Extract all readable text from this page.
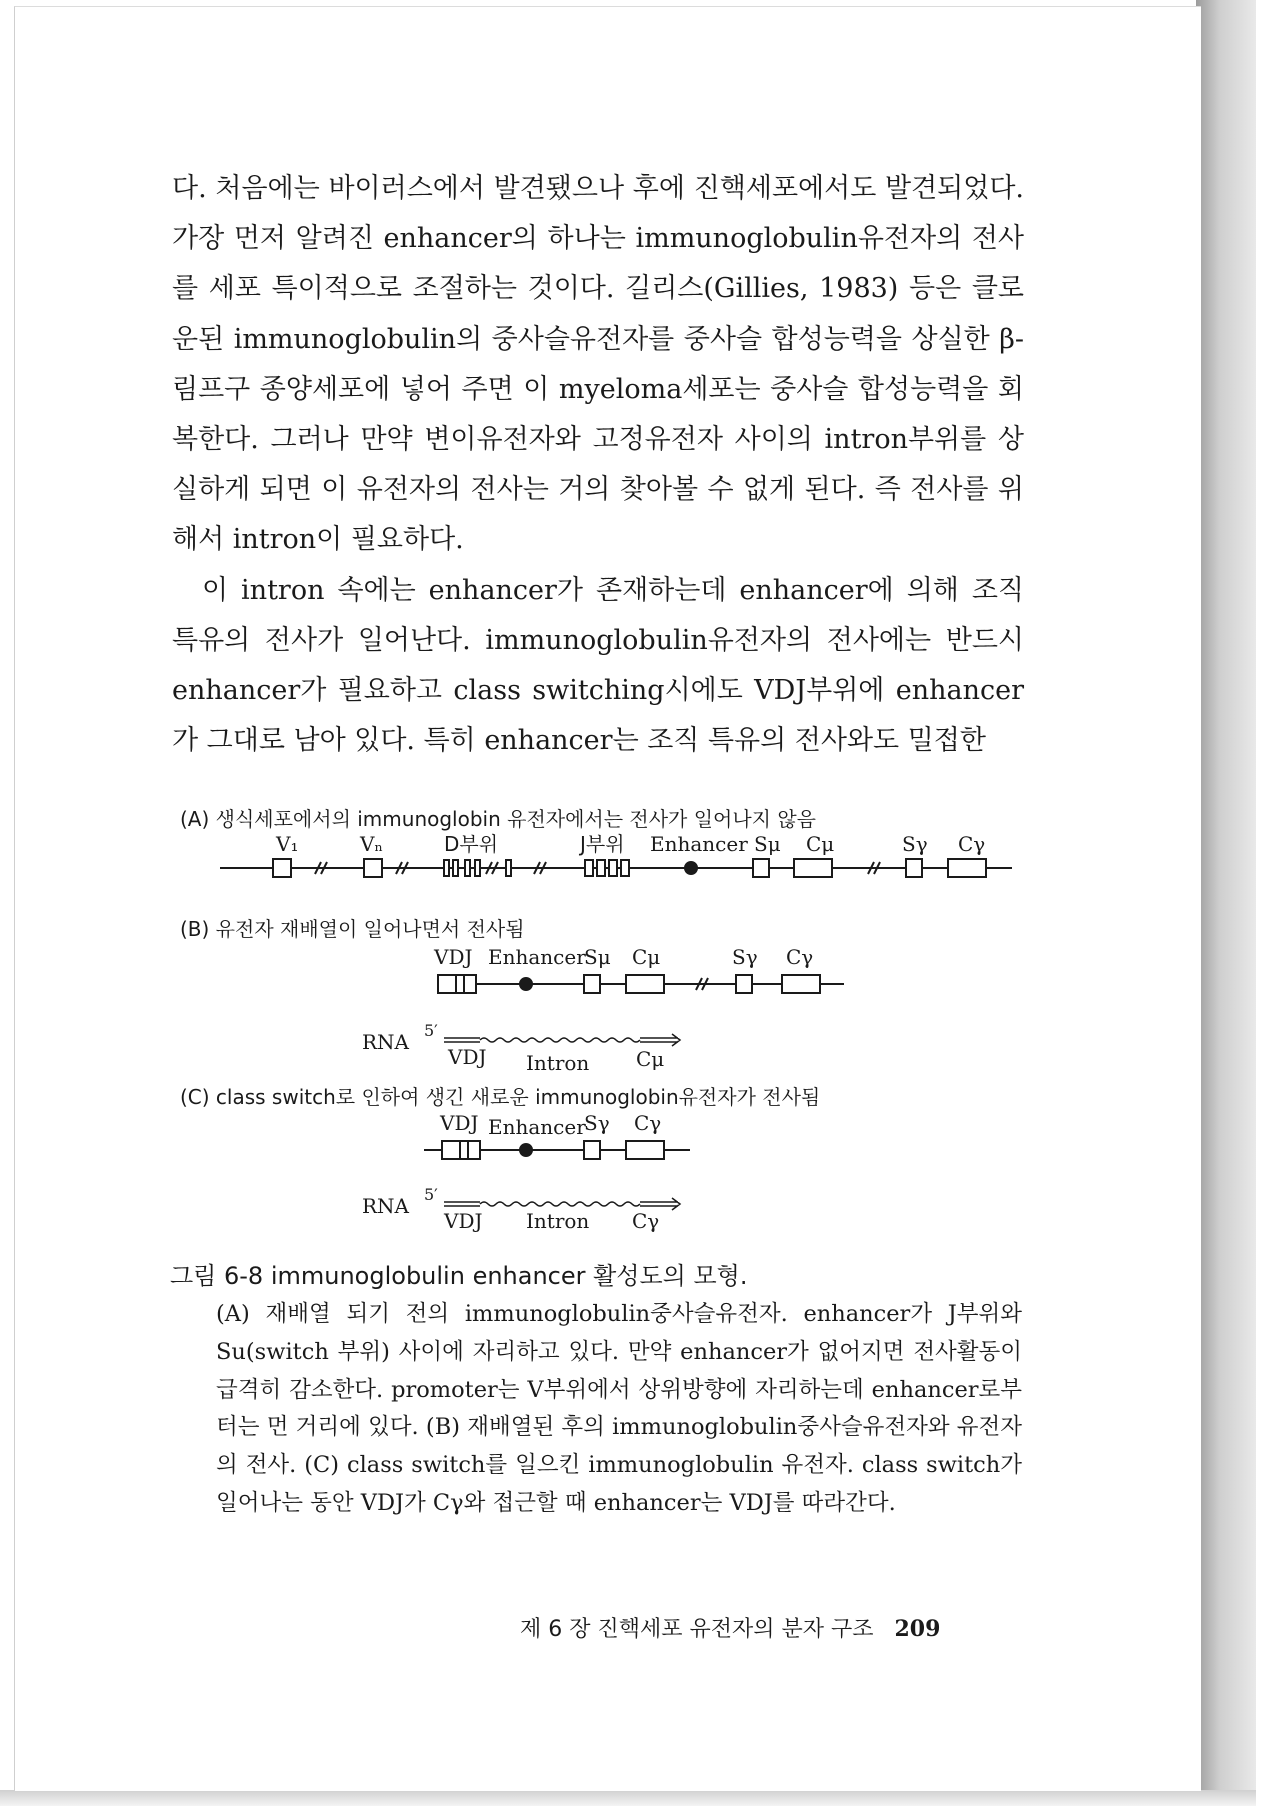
다. 처음에는 바이러스에서 발견됐으나 후에 진핵세포에서도 발견되었다. 가장 먼저 알려진 enhancer의 하나는 immunoglobulin유전자의 전사를 세포 특이적으로 조절하는 것이다. 길리스(Gillies, 1983) 등은 클로운된 immunoglobulin의 중사슬유전자를 중사슬 합성능력을 상실한 β-림프구 종양세포에 넣어 주면 이 myeloma세포는 중사슬 합성능력을 회복한다. 그러나 만약 변이유전자와 고정유전자 사이의 intron부위를 상실하게 되면 이 유전자의 전사는 거의 찾아볼 수 없게 된다. 즉 전사를 위해서 intron이 필요하다.

이 intron 속에는 enhancer가 존재하는데 enhancer에 의해 조직 특유의 전사가 일어난다. immunoglobulin유전자의 전사에는 반드시 enhancer가 필요하고 class switching시에도 VDJ부위에 enhancer가 그대로 남아 있다. 특히 enhancer는 조직 특유의 전사와도 밀접한

(A) 생식세포에서의 immunoglobin 유전자에서는 전사가 일어나지 않음
V₁	Vₙ	D부위	J부위 Enhancer Sμ Cμ	Sγ Cγ
(B) 유전자 재배열이 일어나면서 전사됨
VDJ Enhancer
Sμ Cμ	Sγ Cγ
RNA 5′
VDJ Intron Cμ
(C) class switch로 인하여 생긴 새로운 immunoglobin유전자가 전사됨
VDJ Enhancer
Sγ Cγ
RNA 5′
VDJ Intron Cγ
그림 6-8 immunoglobulin enhancer 활성도의 모형.

(A) 재배열 되기 전의 immunoglobulin중사슬유전자. enhancer가 J부위와 Su(switch 부위) 사이에 자리하고 있다. 만약 enhancer가 없어지면 전사활동이 급격히 감소한다. promoter는 V부위에서 상위방향에 자리하는데 enhancer로부터는 먼 거리에 있다. (B) 재배열된 후의 immunoglobulin중사슬유전자와 유전자의 전사. (C) class switch를 일으킨 immunoglobulin 유전자. class switch가 일어나는 동안 VDJ가 Cγ와 접근할 때 enhancer는 VDJ를 따라간다.

제 6 장 진핵세포 유전자의 분자 구조 209
